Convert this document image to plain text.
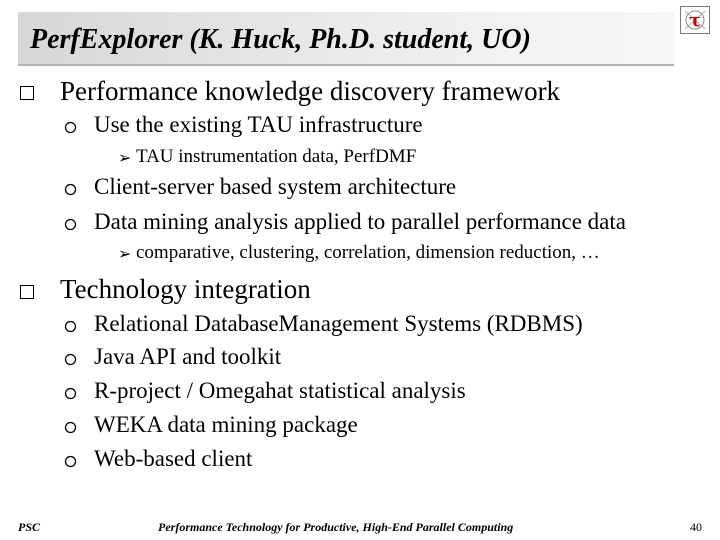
PerfExplorer (K. Huck, Ph.D. student, UO)
τ
Performance knowledge discovery framework
Use the existing TAU infrastructure
➢ TAU instrumentation data, PerfDMF
Client-server based system architecture
Data mining analysis applied to parallel performance data
➢ comparative, clustering, correlation, dimension reduction, …
Technology integration
Relational DatabaseManagement Systems (RDBMS)
Java API and toolkit
R-project / Omegahat statistical analysis
WEKA data mining package
Web-based client
PSC	Performance Technology for Productive, High-End Parallel Computing	40
